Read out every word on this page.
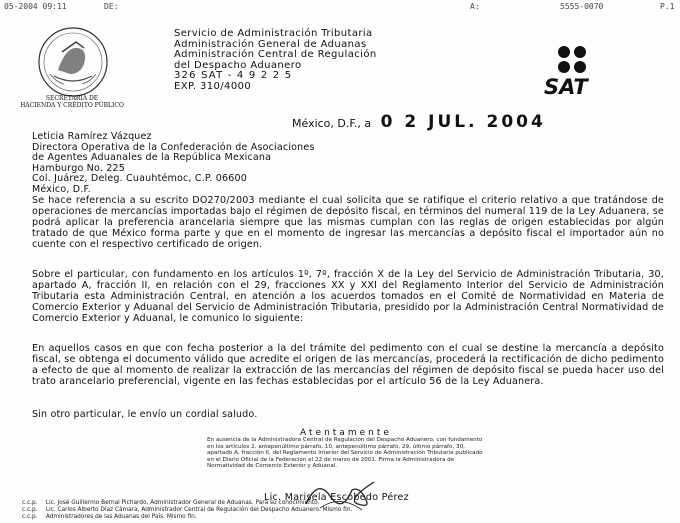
05-2004 09:11	DE:	A:	5555-0070	P.1
SECRETARÍA DE
HACIENDA Y CRÉDITO PÚBLICO
Servicio de Administración Tributaria
Administración General de Aduanas
Administración Central de Regulación
del Despacho Aduanero
326 SAT - 4 9 2 2 5
EXP. 310/4000	SAT
México, D.F., a 0 2 JUL. 2004
Leticia Ramírez Vázquez
Directora Operativa de la Confederación de Asociaciones
de Agentes Aduanales de la República Mexicana
Hamburgo No. 225
Col. Juárez, Deleg. Cuauhtémoc, C.P. 06600
México, D.F.
Se hace referencia a su escrito DO270/2003 mediante el cual solicita que se ratifique el criterio relativo a que tratándose de operaciones de mercancías importadas bajo el régimen de depósito fiscal, en términos del numeral 119 de la Ley Aduanera, se podrá aplicar la preferencia arancelaria siempre que las mismas cumplan con las reglas de origen establecidas por algún tratado de que México forma parte y que en el momento de ingresar las mercancías a depósito fiscal el importador aún no cuente con el respectivo certificado de origen.
Sobre el particular, con fundamento en los artículos 1º, 7º, fracción X de la Ley del Servicio de Administración Tributaria, 30, apartado A, fracción II, en relación con el 29, fracciones XX y XXI del Reglamento Interior del Servicio de Administración Tributaria esta Administración Central, en atención a los acuerdos tomados en el Comité de Normatividad en Materia de Comercio Exterior y Aduanal del Servicio de Administración Tributaria, presidido por la Administración Central Normatividad de Comercio Exterior y Aduanal, le comunico lo siguiente:
En aquellos casos en que con fecha posterior a la del trámite del pedimento con el cual se destine la mercancía a depósito fiscal, se obtenga el documento válido que acredite el origen de las mercancías, procederá la rectificación de dicho pedimento a efecto de que al momento de realizar la extracción de las mercancías del régimen de depósito fiscal se pueda hacer uso del trato arancelario preferencial, vigente en las fechas establecidas por el artículo 56 de la Ley Aduanera.
Sin otro particular, le envío un cordial saludo.
Atentamente
En ausencia de la Administradora Central de Regulación del Despacho Aduanero, con fundamento en los artículos 2, antepenúltimo párrafo, 10, antepenúltimo párrafo, 29, último párrafo, 30, apartado A, fracción II, del Reglamento Interior del Servicio de Administración Tributaria publicado en el Diario Oficial de la Federación el 22 de marzo de 2001. Firma la Administradora de Normatividad de Comercio Exterior y Aduanal.
Lic. Marisela Escobedo Pérez
c.c.p. Lic. José Guillermo Bernal Pichardo, Administrador General de Aduanas. Para su conocimiento.
c.c.p. Lic. Carlos Alberto Díaz Cámara, Administrador Central de Regulación del Despacho Aduanero. Mismo fin.
c.c.p. Administradores de las Aduanas del País. Mismo fin.
